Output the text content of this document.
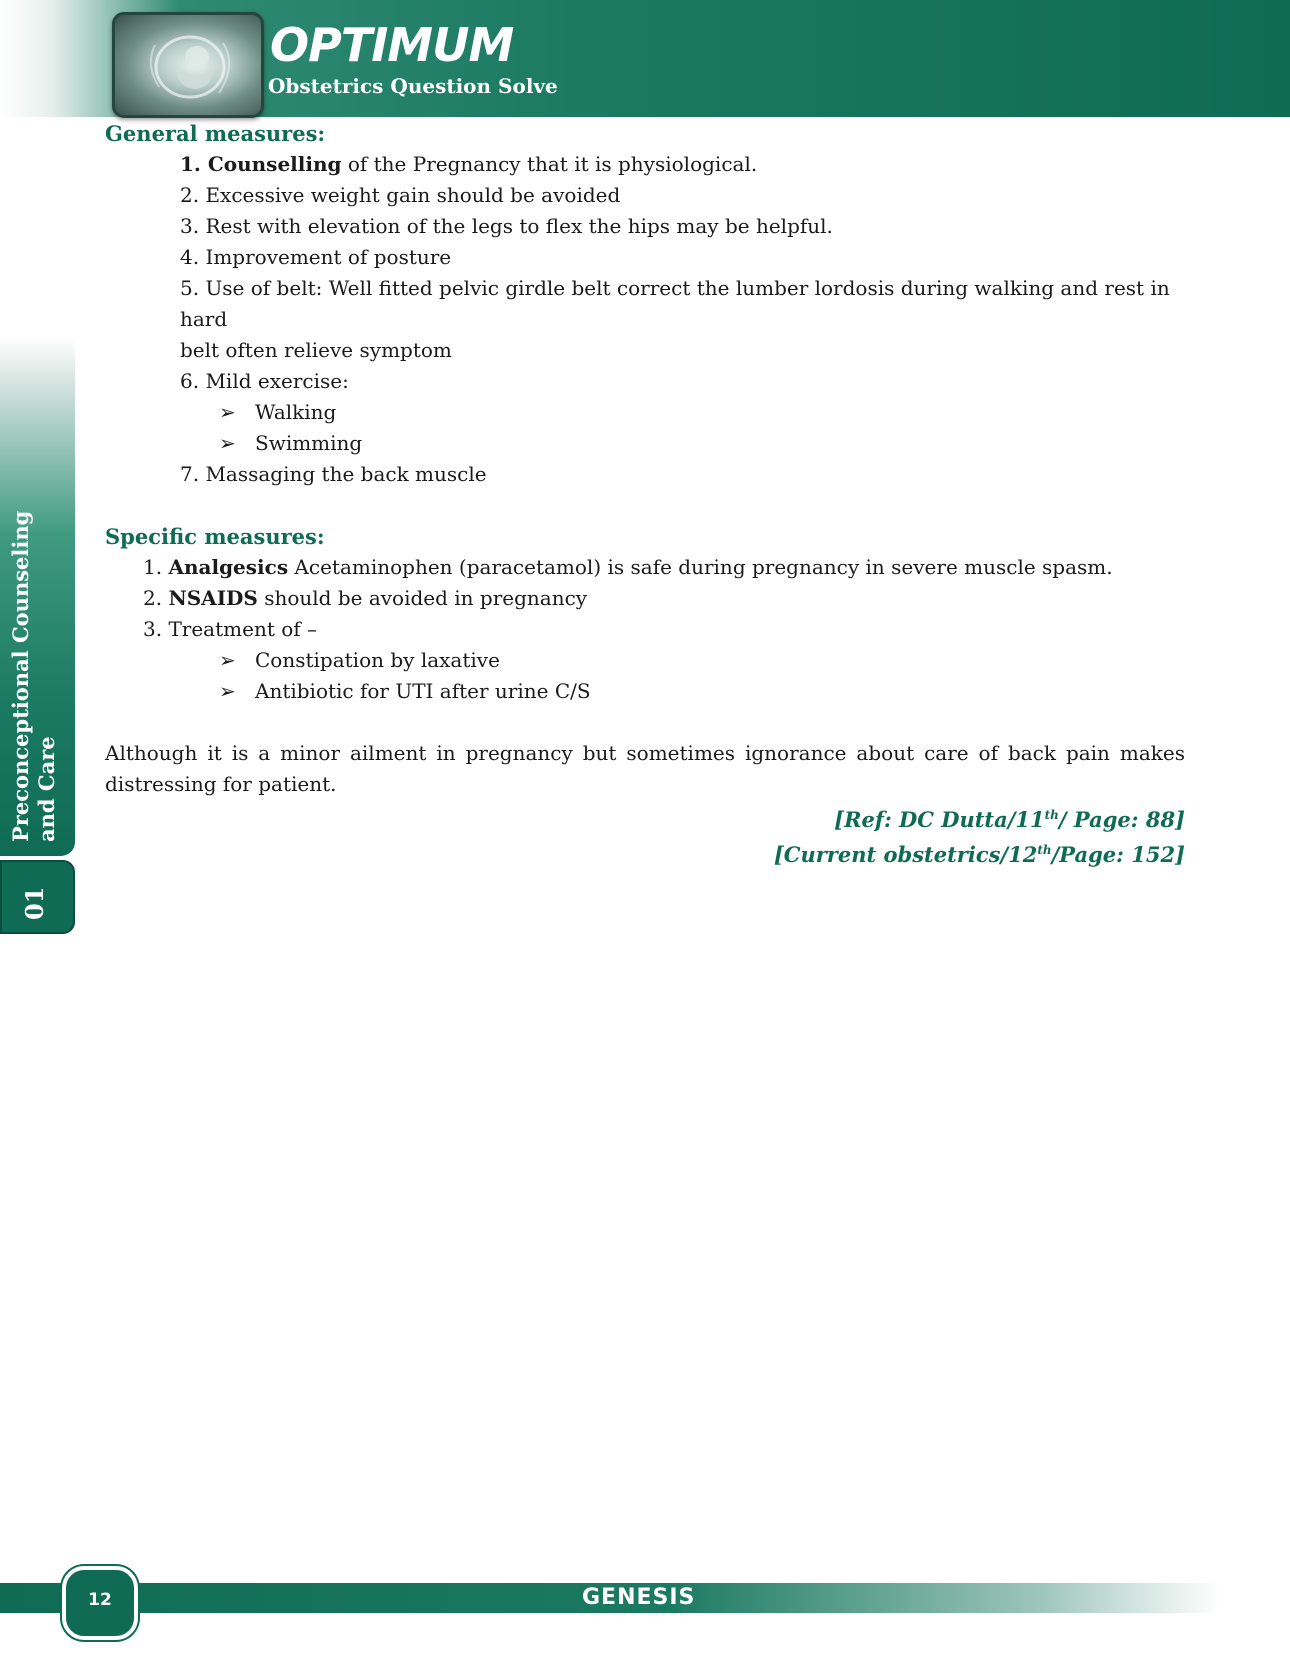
OPTIMUM
Obstetrics Question Solve
Preconceptional Counseling and Care
01

General measures:

1. Counselling of the Pregnancy that it is physiological.

2. Excessive weight gain should be avoided

3. Rest with elevation of the legs to flex the hips may be helpful.

4. Improvement of posture

5. Use of belt: Well fitted pelvic girdle belt correct the lumber lordosis during walking and rest in hard

belt often relieve symptom

6. Mild exercise:

➢ Walking

➢ Swimming

7. Massaging the back muscle

Specific measures:

1. Analgesics Acetaminophen (paracetamol) is safe during pregnancy in severe muscle spasm.

2. NSAIDS should be avoided in pregnancy

3. Treatment of –

➢ Constipation by laxative

➢ Antibiotic for UTI after urine C/S

Although it is a minor ailment in pregnancy but sometimes ignorance about care of back pain makes distressing for patient.

[Ref: DC Dutta/11th/ Page: 88]

[Current obstetrics/12th/Page: 152]

GENESIS
12
